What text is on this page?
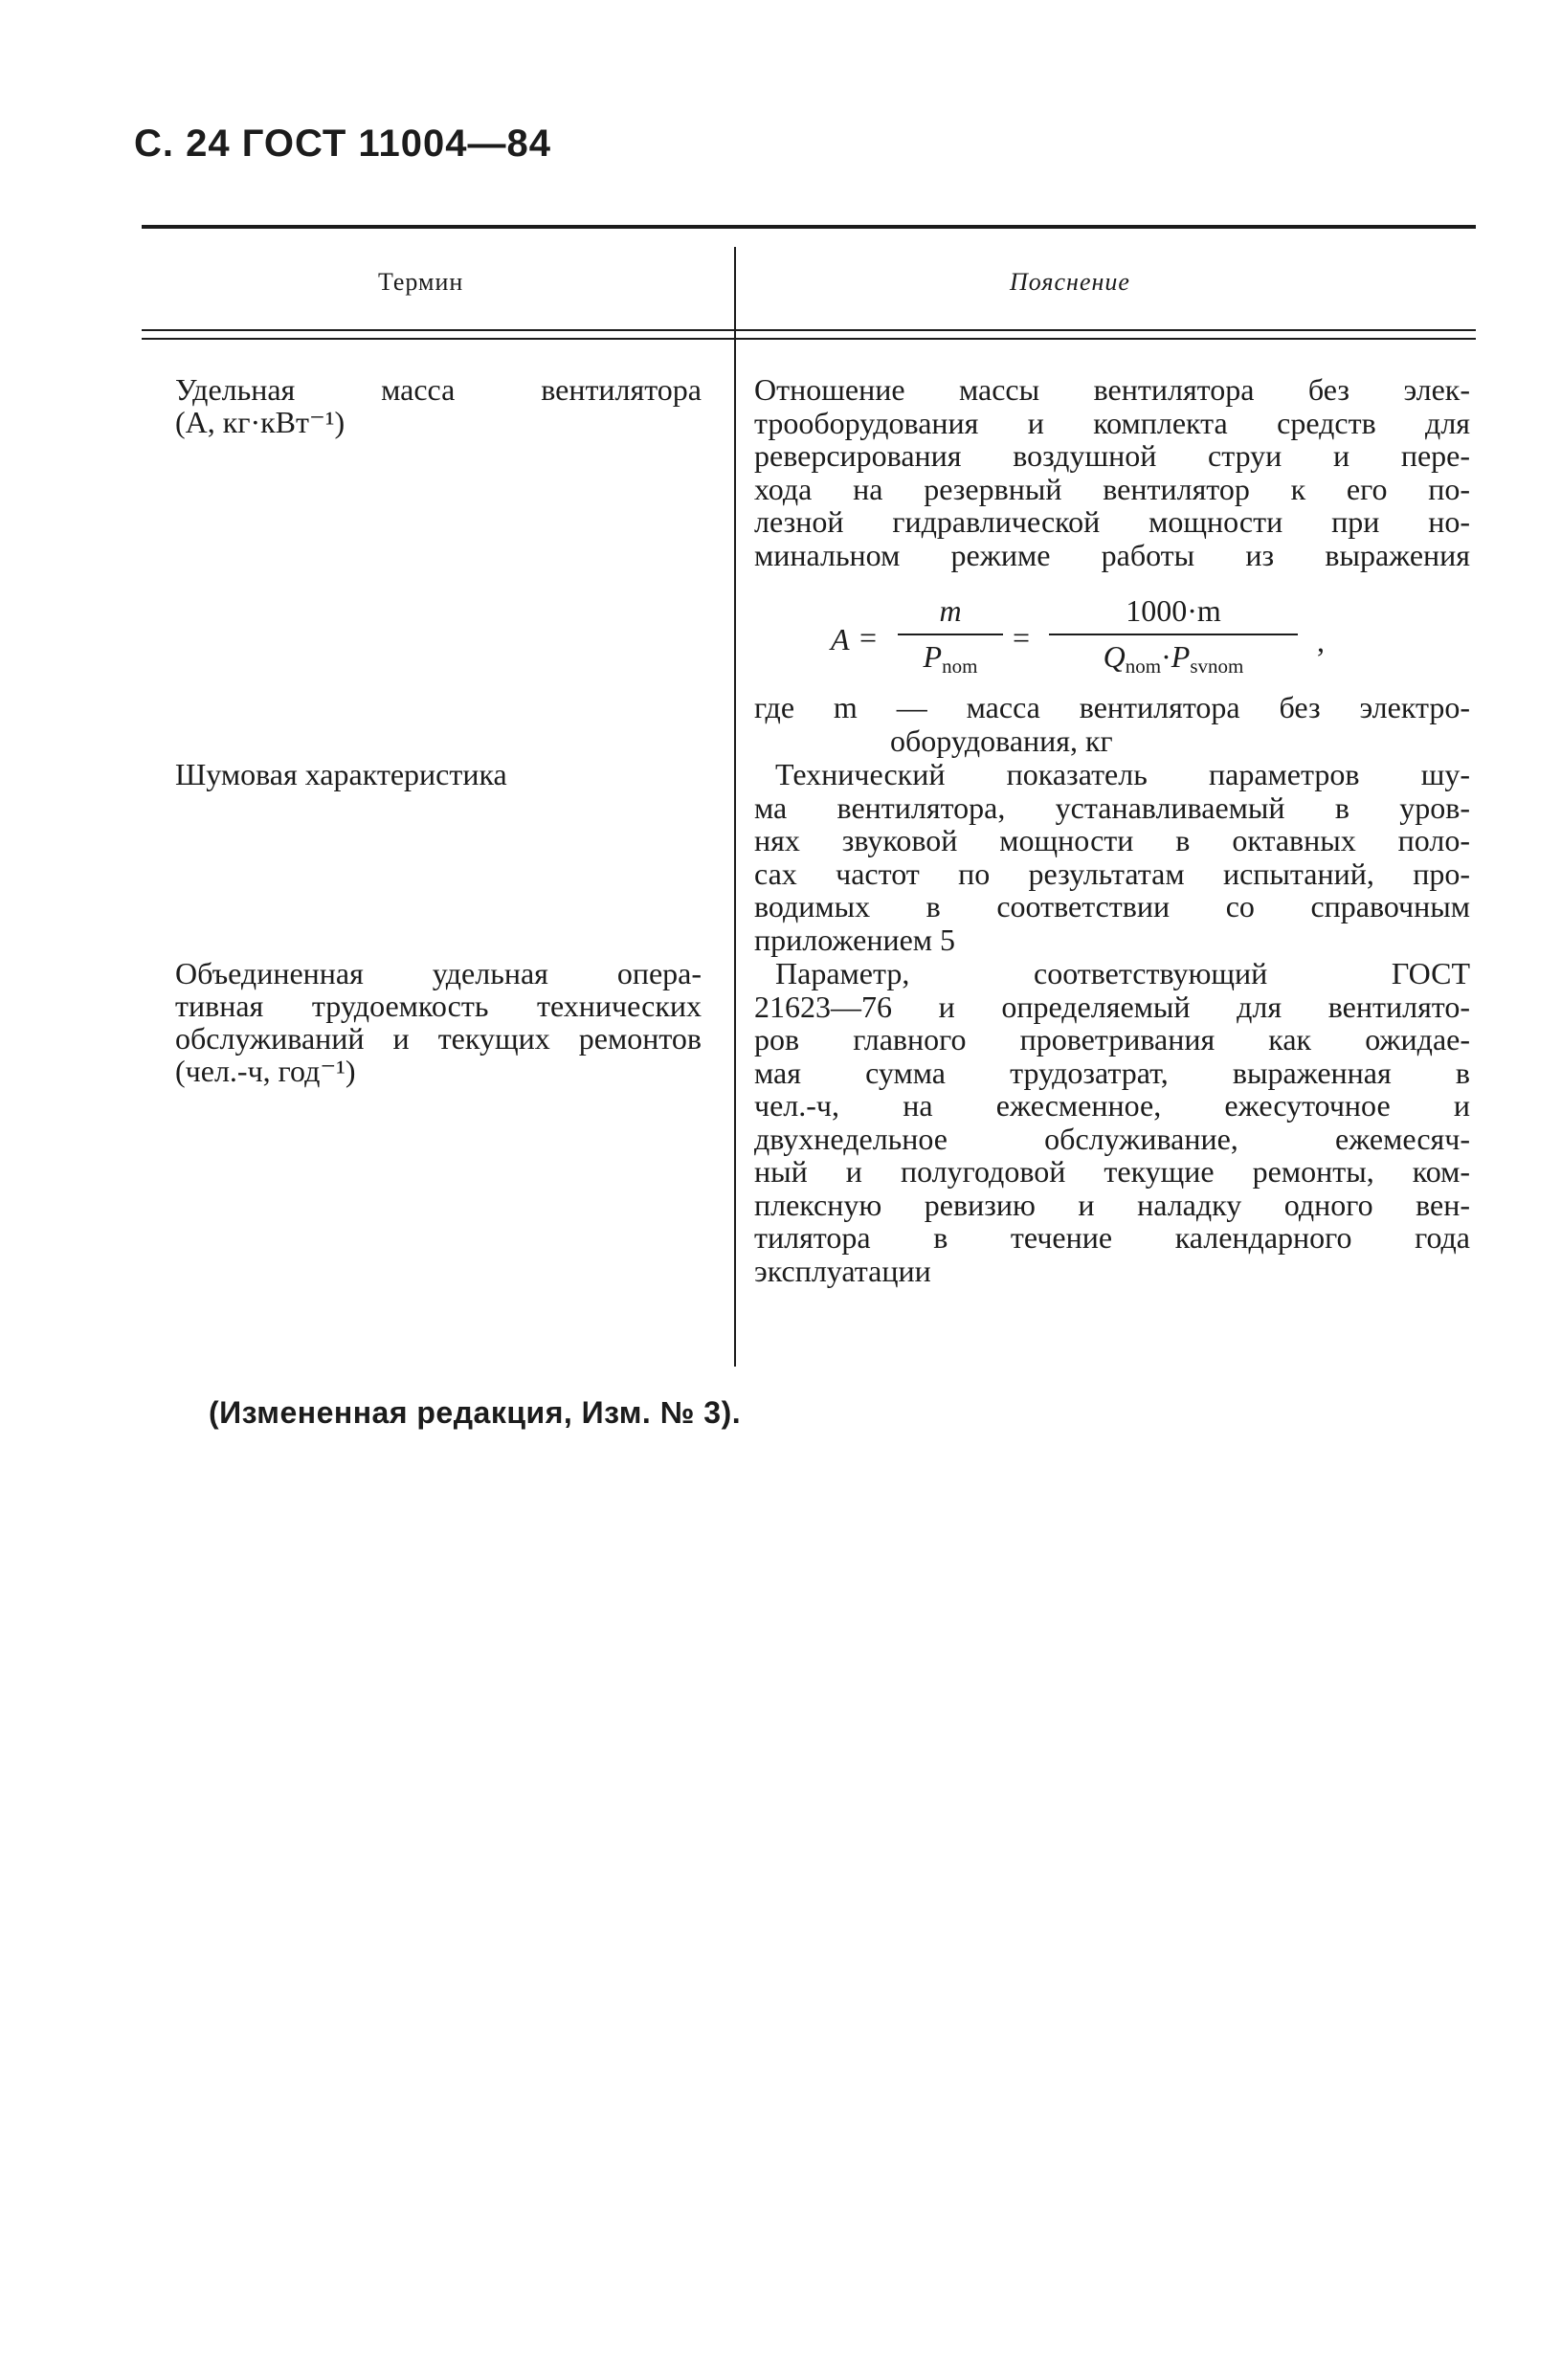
С. 24 ГОСТ 11004—84
Термин	Пояснение
Удельная масса вентилятора
(A, кг·кВт⁻¹)
Отношение массы вентилятора без элек-
трооборудования и комплекта средств для
реверсирования воздушной струи и пере-
хода на резервный вентилятор к его по-
лезной гидравлической мощности при но-
минальном режиме работы из выражения
A =
m
$P_{nom}$
=
1000·m
$Q_{nom}\cdot P_{svnom}$
,
где m — масса вентилятора без электро-
оборудования, кг
Шумовая характеристика	Технический показатель параметров шу-
ма вентилятора, устанавливаемый в уров-
нях звуковой мощности в октавных поло-
сах частот по результатам испытаний, про-
водимых в соответствии со справочным
приложением 5
Объединенная удельная опера-
тивная трудоемкость технических
обслуживаний и текущих ремонтов
(чел.-ч, год⁻¹)
Параметр, соответствующий ГОСТ
21623—76 и определяемый для вентилято-
ров главного проветривания как ожидае-
мая сумма трудозатрат, выраженная в
чел.-ч, на ежесменное, ежесуточное и
двухнедельное обслуживание, ежемесяч-
ный и полугодовой текущие ремонты, ком-
плексную ревизию и наладку одного вен-
тилятора в течение календарного года
эксплуатации
(Измененная редакция, Изм. № 3).
